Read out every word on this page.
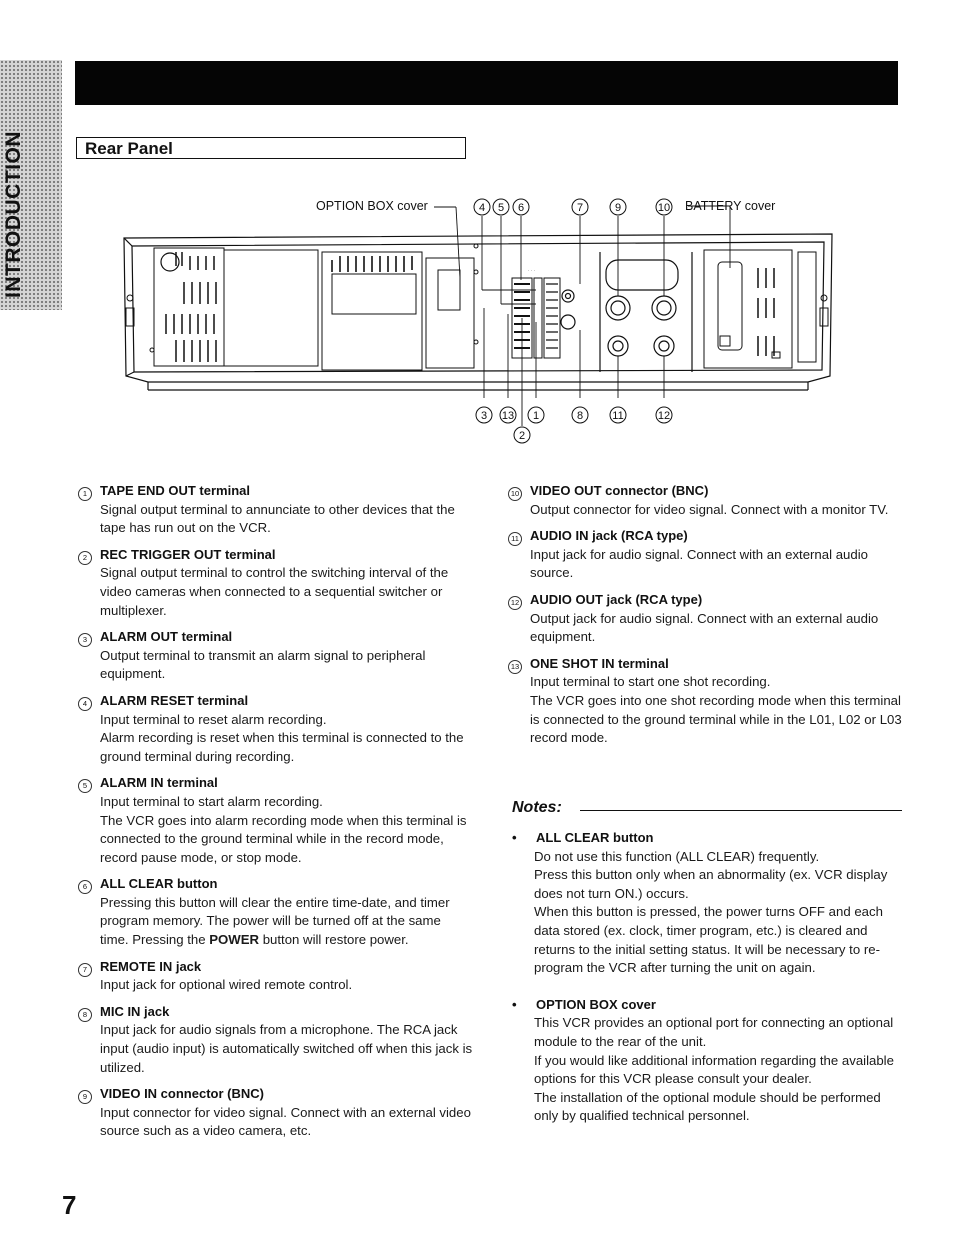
INTRODUCTION	Rear Panel
· · ·
OPTION BOX cover	BATTERY cover
4 5 6	7	9	10
3 13 1
2
8	11	12
1 TAPE END OUT terminal

Signal output terminal to annunciate to other devices that the tape has run out on the VCR.

2 REC TRIGGER OUT terminal

Signal output terminal to control the switching interval of the video cameras when connected to a sequential switcher or multiplexer.

3 ALARM OUT terminal

Output terminal to transmit an alarm signal to peripheral equipment.

4 ALARM RESET terminal

Input terminal to reset alarm recording.

Alarm recording is reset when this terminal is connected to the ground terminal during recording.

5 ALARM IN terminal

Input terminal to start alarm recording.

The VCR goes into alarm recording mode when this terminal is connected to the ground terminal while in the record mode, record pause mode, or stop mode.

6 ALL CLEAR button

Pressing this button will clear the entire time-date, and timer program memory. The power will be turned off at the same time. Pressing the POWER button will restore power.

7 REMOTE IN jack

Input jack for optional wired remote control.

8 MIC IN jack

Input jack for audio signals from a microphone. The RCA jack input (audio input) is automatically switched off when this jack is utilized.

9 VIDEO IN connector (BNC)

Input connector for video signal. Connect with an external video source such as a video camera, etc.

10 VIDEO OUT connector (BNC)

Output connector for video signal. Connect with a monitor TV.

11 AUDIO IN jack (RCA type)

Input jack for audio signal. Connect with an external audio source.

12 AUDIO OUT jack (RCA type)

Output jack for audio signal. Connect with an external audio equipment.

13 ONE SHOT IN terminal

Input terminal to start one shot recording.

The VCR goes into one shot recording mode when this terminal is connected to the ground terminal while in the L01, L02 or L03 record mode.

Notes:
•	ALL CLEAR button

Do not use this function (ALL CLEAR) frequently.

Press this button only when an abnormality (ex. VCR display does not turn ON.) occurs.

When this button is pressed, the power turns OFF and each data stored (ex. clock, timer program, etc.) is cleared and returns to the initial setting status. It will be necessary to re-program the VCR after turning the unit on again.

•	OPTION BOX cover

This VCR provides an optional port for connecting an optional module to the rear of the unit.

If you would like additional information regarding the available options for this VCR please consult your dealer.

The installation of the optional module should be performed only by qualified technical personnel.

7
